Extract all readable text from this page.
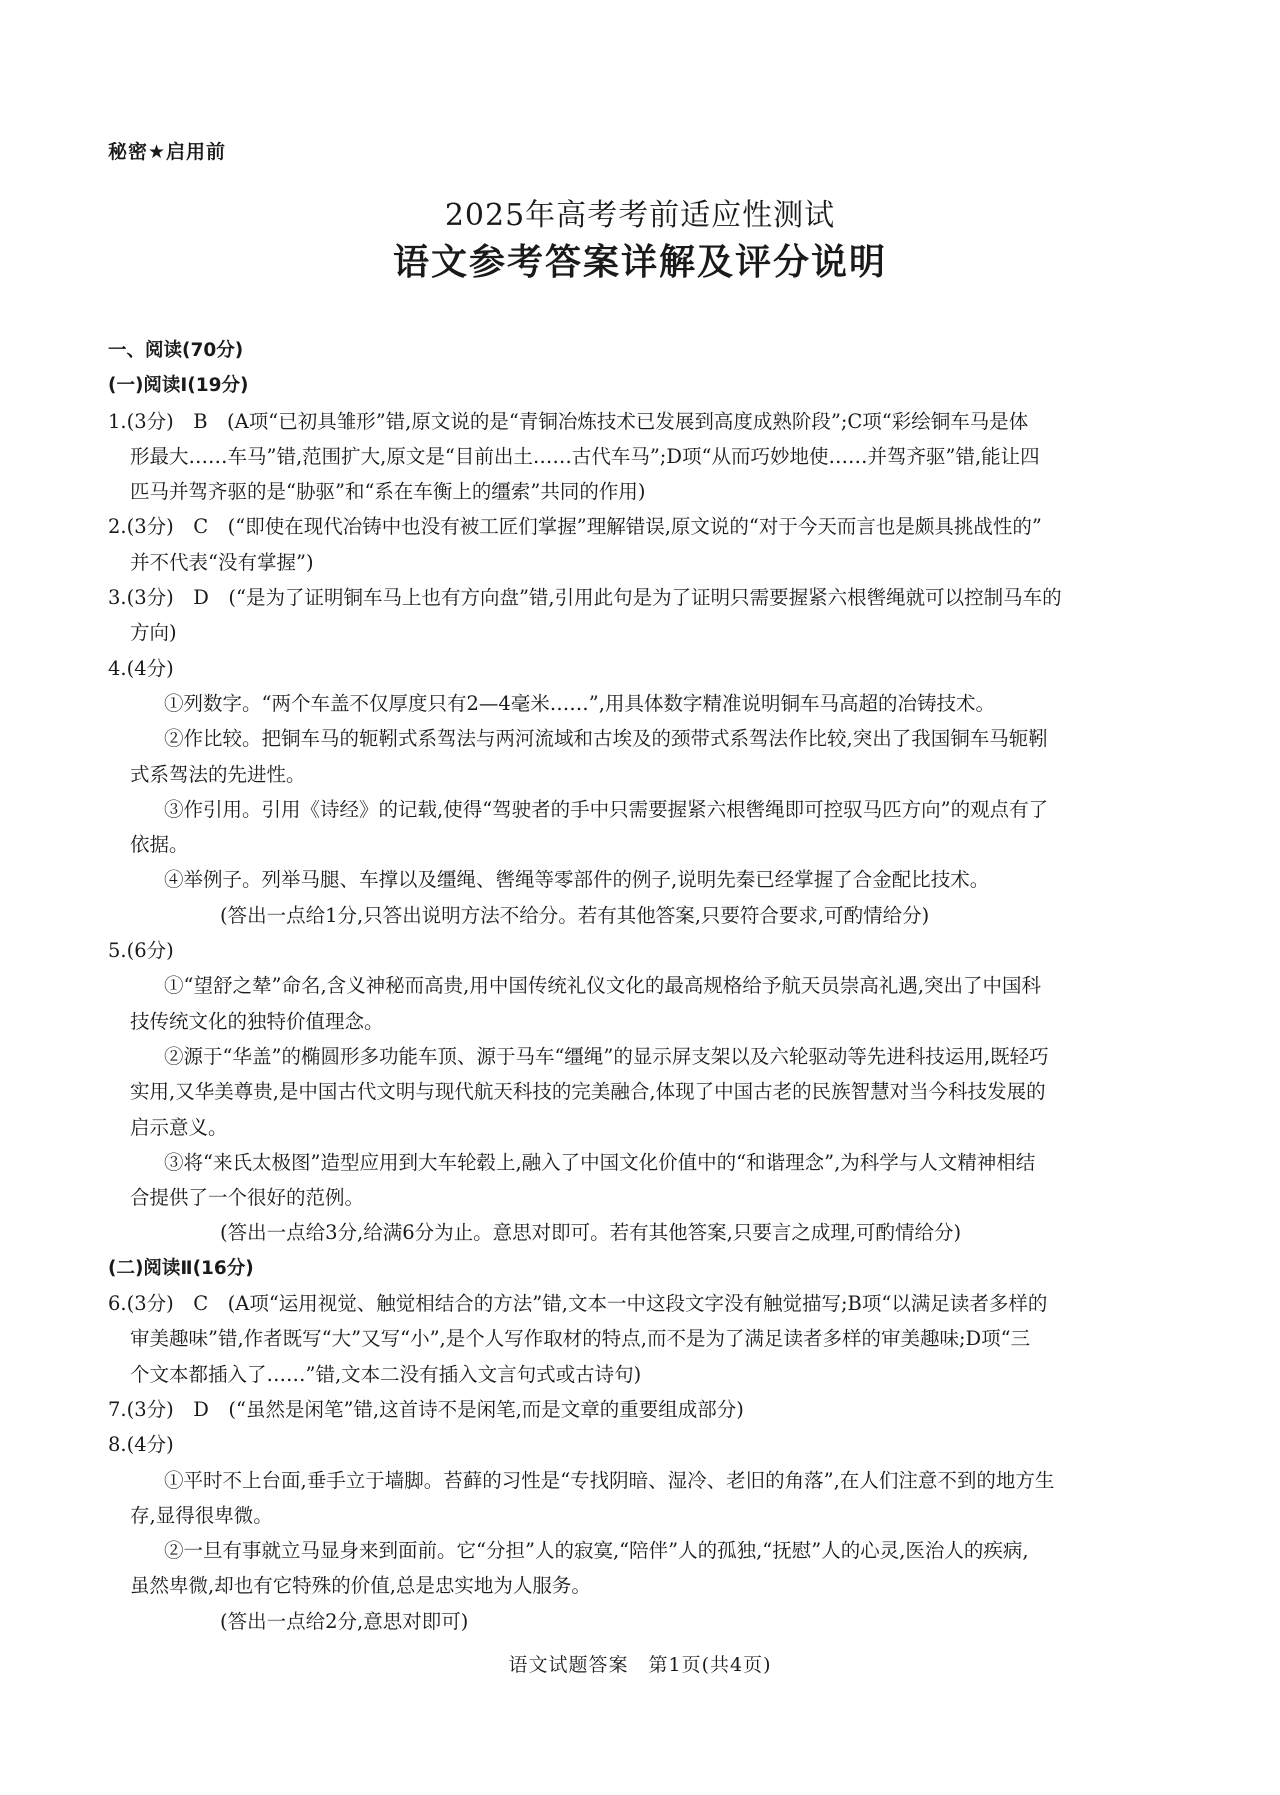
秘密★启用前
2025年高考考前适应性测试
语文参考答案详解及评分说明
一、阅读(70分)
(一)阅读Ⅰ(19分)
1.(3分)　B　(A项“已初具雏形”错,原文说的是“青铜冶炼技术已发展到高度成熟阶段”;C项“彩绘铜车马是体
形最大……车马”错,范围扩大,原文是“目前出土……古代车马”;D项“从而巧妙地使……并驾齐驱”错,能让四
匹马并驾齐驱的是“胁驱”和“系在车衡上的缰索”共同的作用)
2.(3分)　C　(“即使在现代冶铸中也没有被工匠们掌握”理解错误,原文说的“对于今天而言也是颇具挑战性的”
并不代表“没有掌握”)
3.(3分)　D　(“是为了证明铜车马上也有方向盘”错,引用此句是为了证明只需要握紧六根辔绳就可以控制马车的
方向)
4.(4分)
①列数字。“两个车盖不仅厚度只有2—4毫米……”,用具体数字精准说明铜车马高超的冶铸技术。
②作比较。把铜车马的轭靷式系驾法与两河流域和古埃及的颈带式系驾法作比较,突出了我国铜车马轭靷
式系驾法的先进性。
③作引用。引用《诗经》的记载,使得“驾驶者的手中只需要握紧六根辔绳即可控驭马匹方向”的观点有了
依据。
④举例子。列举马腿、车撑以及缰绳、辔绳等零部件的例子,说明先秦已经掌握了合金配比技术。
(答出一点给1分,只答出说明方法不给分。若有其他答案,只要符合要求,可酌情给分)
5.(6分)
①“望舒之辇”命名,含义神秘而高贵,用中国传统礼仪文化的最高规格给予航天员崇高礼遇,突出了中国科
技传统文化的独特价值理念。
②源于“华盖”的椭圆形多功能车顶、源于马车“缰绳”的显示屏支架以及六轮驱动等先进科技运用,既轻巧
实用,又华美尊贵,是中国古代文明与现代航天科技的完美融合,体现了中国古老的民族智慧对当今科技发展的
启示意义。
③将“来氏太极图”造型应用到大车轮毂上,融入了中国文化价值中的“和谐理念”,为科学与人文精神相结
合提供了一个很好的范例。
(答出一点给3分,给满6分为止。意思对即可。若有其他答案,只要言之成理,可酌情给分)
(二)阅读Ⅱ(16分)
6.(3分)　C　(A项“运用视觉、触觉相结合的方法”错,文本一中这段文字没有触觉描写;B项“以满足读者多样的
审美趣味”错,作者既写“大”又写“小”,是个人写作取材的特点,而不是为了满足读者多样的审美趣味;D项“三
个文本都插入了……”错,文本二没有插入文言句式或古诗句)
7.(3分)　D　(“虽然是闲笔”错,这首诗不是闲笔,而是文章的重要组成部分)
8.(4分)
①平时不上台面,垂手立于墙脚。苔藓的习性是“专找阴暗、湿冷、老旧的角落”,在人们注意不到的地方生
存,显得很卑微。
②一旦有事就立马显身来到面前。它“分担”人的寂寞,“陪伴”人的孤独,“抚慰”人的心灵,医治人的疾病,
虽然卑微,却也有它特殊的价值,总是忠实地为人服务。
(答出一点给2分,意思对即可)
语文试题答案　第1页(共4页)
